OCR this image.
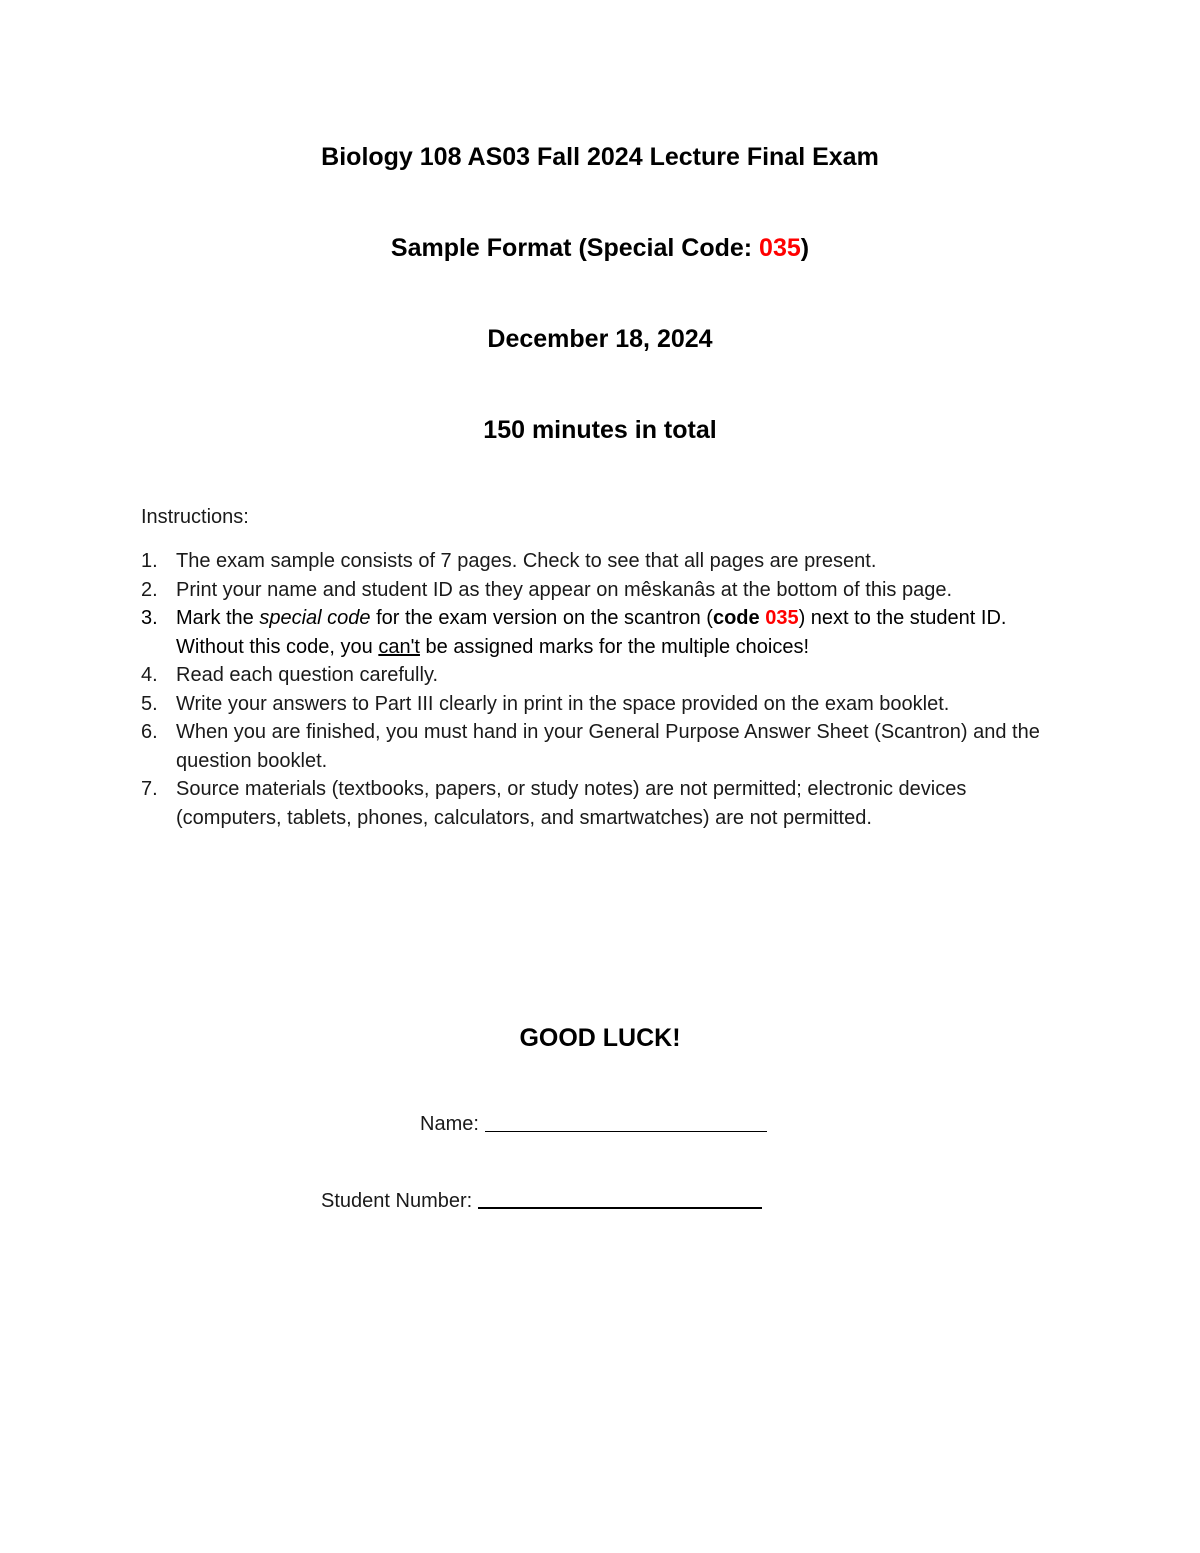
Biology 108 AS03 Fall 2024 Lecture Final Exam
Sample Format (Special Code: 035)
December 18, 2024
150 minutes in total
Instructions:
1. The exam sample consists of 7 pages. Check to see that all pages are present.
2. Print your name and student ID as they appear on mêskanâs at the bottom of this page.
3. Mark the special code for the exam version on the scantron (code 035) next to the student ID. Without this code, you can't be assigned marks for the multiple choices!
4. Read each question carefully.
5. Write your answers to Part III clearly in print in the space provided on the exam booklet.
6. When you are finished, you must hand in your General Purpose Answer Sheet (Scantron) and the question booklet.
7. Source materials (textbooks, papers, or study notes) are not permitted; electronic devices (computers, tablets, phones, calculators, and smartwatches) are not permitted.
GOOD LUCK!
Name:
Student Number:
